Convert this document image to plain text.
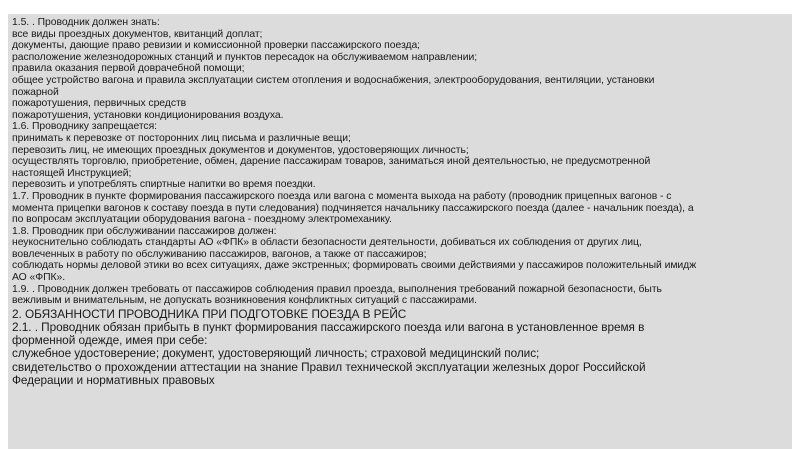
1.5. . Проводник должен знать:
все виды проездных документов, квитанций доплат;
документы, дающие право ревизии и комиссионной проверки пассажирского поезда;
расположение железнодорожных станций и пунктов пересадок на обслуживаемом направлении;
правила оказания первой доврачебной помощи;
общее устройство вагона и правила эксплуатации систем отопления и водоснабжения, электрооборудования, вентиляции, установки
пожарной
пожаротушения, первичных средств
пожаротушения, установки кондиционирования воздуха.
1.6. Проводнику запрещается:
принимать к перевозке от посторонних лиц письма и различные вещи;
перевозить лиц, не имеющих проездных документов и документов, удостоверяющих личность;
осуществлять торговлю, приобретение, обмен, дарение пассажирам товаров, заниматься иной деятельностью, не предусмотренной
настоящей Инструкцией;
перевозить и употреблять спиртные напитки во время поездки.
1.7. Проводник в пункте формирования пассажирского поезда или вагона с момента выхода на работу (проводник прицепных вагонов - с
момента прицепки вагонов к составу поезда в пути следования) подчиняется начальнику пассажирского поезда (далее - начальник поезда), а
по вопросам эксплуатации оборудования вагона - поездному электромеханику.
1.8. Проводник при обслуживании пассажиров должен:
неукоснительно соблюдать стандарты АО «ФПК» в области безопасности деятельности, добиваться их соблюдения от других лиц,
вовлеченных в работу по обслуживанию пассажиров, вагонов, а также от пассажиров;
соблюдать нормы деловой этики во всех ситуациях, даже экстренных; формировать своими действиями у пассажиров положительный имидж
АО «ФПК».
1.9. . Проводник должен требовать от пассажиров соблюдения правил проезда, выполнения требований пожарной безопасности, быть
вежливым и внимательным, не допускать возникновения конфликтных ситуаций с пассажирами.
2. ОБЯЗАННОСТИ ПРОВОДНИКА ПРИ ПОДГОТОВКЕ ПОЕЗДА В РЕЙС
2.1. . Проводник обязан прибыть в пункт формирования пассажирского поезда или вагона в установленное время в
форменной одежде, имея при себе:
служебное удостоверение; документ, удостоверяющий личность; страховой медицинский полис;
свидетельство о прохождении аттестации на знание Правил технической эксплуатации железных дорог Российской
Федерации и нормативных правовых
